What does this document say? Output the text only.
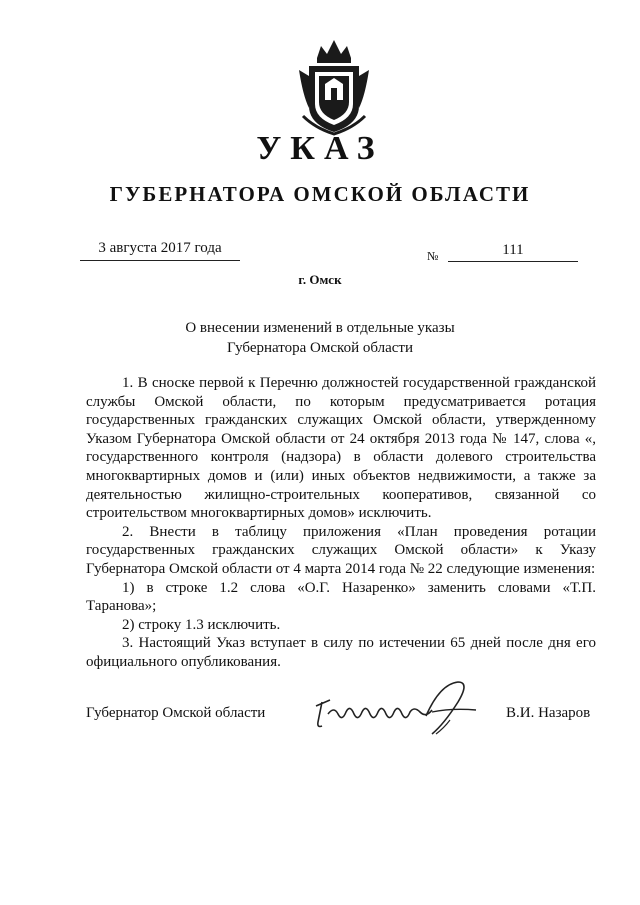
УКАЗ
ГУБЕРНАТОРА ОМСКОЙ ОБЛАСТИ
3 августа 2017 года	№	111
г. Омск
О внесении изменений в отдельные указы
Губернатора Омской области

1. В сноске первой к Перечню должностей государственной гражданской службы Омской области, по которым предусматривается ротация государственных гражданских служащих Омской области, утвержденному Указом Губернатора Омской области от 24 октября 2013 года № 147, слова «, государственного контроля (надзора) в области долевого строительства многоквартирных домов и (или) иных объектов недвижимости, а также за деятельностью жилищно-строительных кооперативов, связанной со строительством многоквартирных домов» исключить.

2. Внести в таблицу приложения «План проведения ротации государственных гражданских служащих Омской области» к Указу Губернатора Омской области от 4 марта 2014 года № 22 следующие изменения:

1) в строке 1.2 слова «О.Г. Назаренко» заменить словами «Т.П. Таранова»;

2) строку 1.3 исключить.

3. Настоящий Указ вступает в силу по истечении 65 дней после дня его официального опубликования.

Губернатор Омской области	В.И. Назаров
